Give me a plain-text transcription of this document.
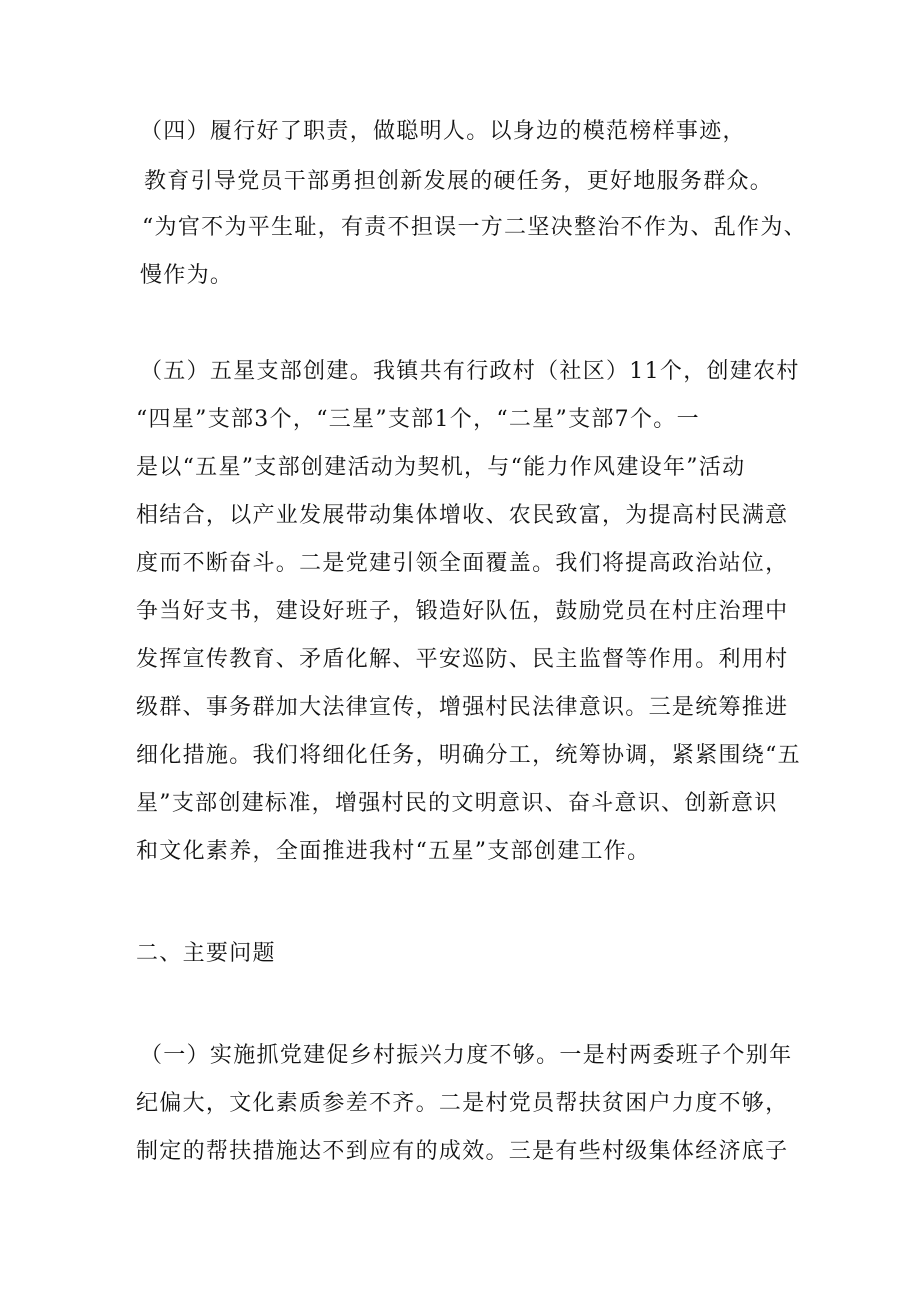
（四）履行好了职责，做聪明人。以身边的模范榜样事迹，
教育引导党员干部勇担创新发展的硬任务，更好地服务群众。
“为官不为平生耻，有责不担误一方二坚决整治不作为、乱作为、
慢作为。
（五）五星支部创建。我镇共有行政村（社区）11个，创建农村
“四星”支部3个，“三星”支部1个，“二星”支部7个。一
是以“五星”支部创建活动为契机，与“能力作风建设年”活动
相结合，以产业发展带动集体增收、农民致富，为提高村民满意
度而不断奋斗。二是党建引领全面覆盖。我们将提高政治站位，
争当好支书，建设好班子，锻造好队伍，鼓励党员在村庄治理中
发挥宣传教育、矛盾化解、平安巡防、民主监督等作用。利用村
级群、事务群加大法律宣传，增强村民法律意识。三是统筹推进
细化措施。我们将细化任务，明确分工，统筹协调，紧紧围绕“五
星”支部创建标准，增强村民的文明意识、奋斗意识、创新意识
和文化素养，全面推进我村“五星”支部创建工作。
二、主要问题
（一）实施抓党建促乡村振兴力度不够。一是村两委班子个别年
纪偏大，文化素质参差不齐。二是村党员帮扶贫困户力度不够，
制定的帮扶措施达不到应有的成效。三是有些村级集体经济底子
